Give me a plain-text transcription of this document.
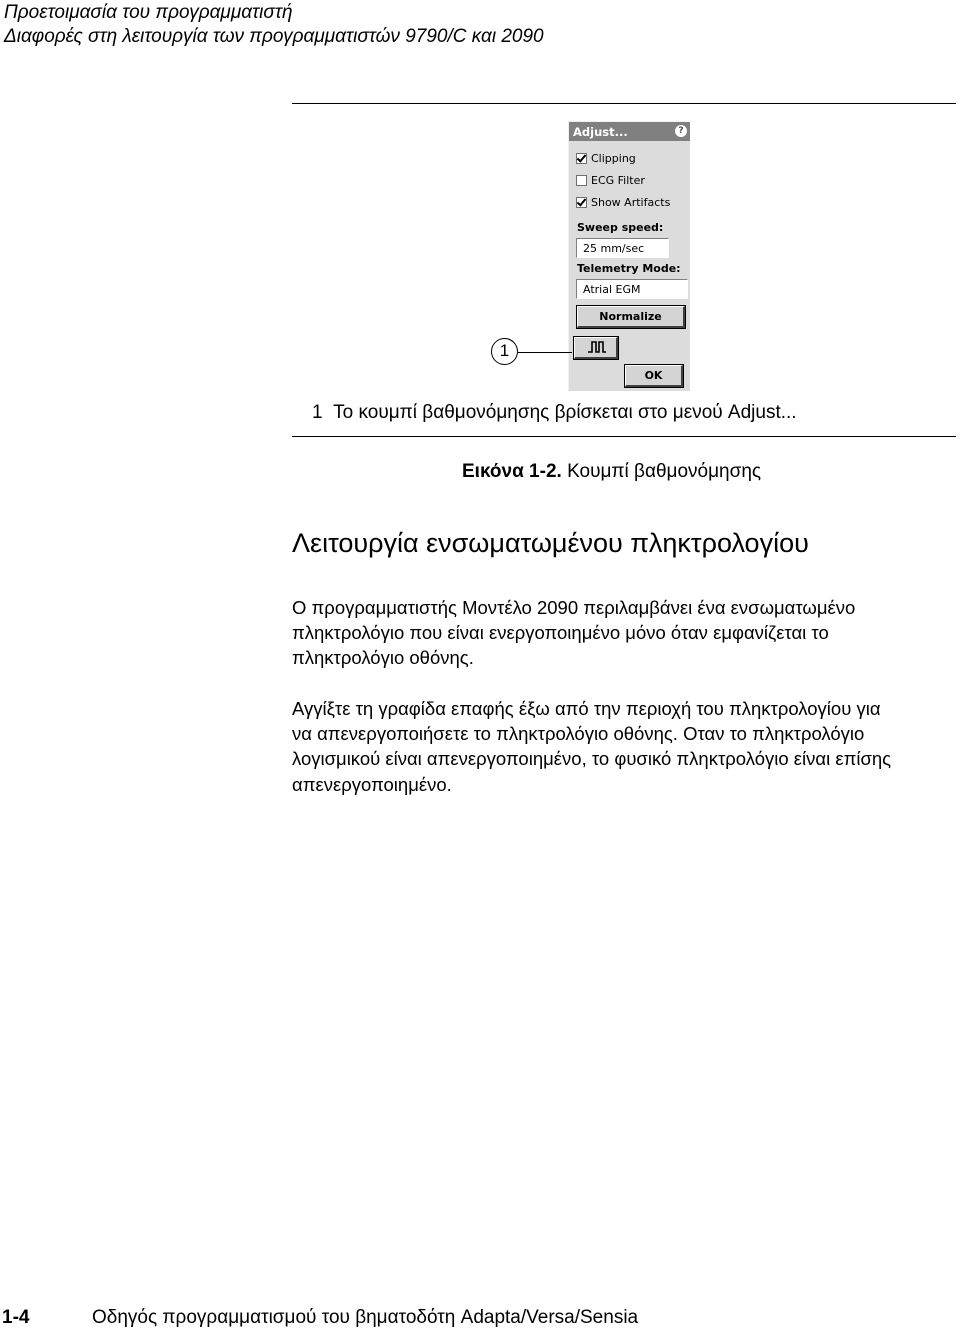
Προετοιμασία του προγραμματιστή
Διαφορές στη λειτουργία των προγραμματιστών 9790/C και 2090
Adjust...	?
Clipping
ECG Filter
Show Artifacts
Sweep speed:
25 mm/sec
Telemetry Mode:
Atrial EGM
Normalize
OK
1
1 Το κουμπί βαθμονόμησης βρίσκεται στο μενού Adjust...
Εικόνα 1-2. Κουμπί βαθμονόμησης
Λειτουργία ενσωματωμένου πληκτρολογίου
Ο προγραμματιστής Μοντέλο 2090 περιλαμβάνει ένα ενσωματωμένο
πληκτρολόγιο που είναι ενεργοποιημένο μόνο όταν εμφανίζεται το
πληκτρολόγιο οθόνης.
Αγγίξτε τη γραφίδα επαφής έξω από την περιοχή του πληκτρολογίου για
να απενεργοποιήσετε το πληκτρολόγιο οθόνης. Οταν το πληκτρολόγιο
λογισμικού είναι απενεργοποιημένο, το φυσικό πληκτρολόγιο είναι επίσης
απενεργοποιημένο.
1-4	Οδηγός προγραμματισμού του βηματοδότη Adapta/Versa/Sensia
